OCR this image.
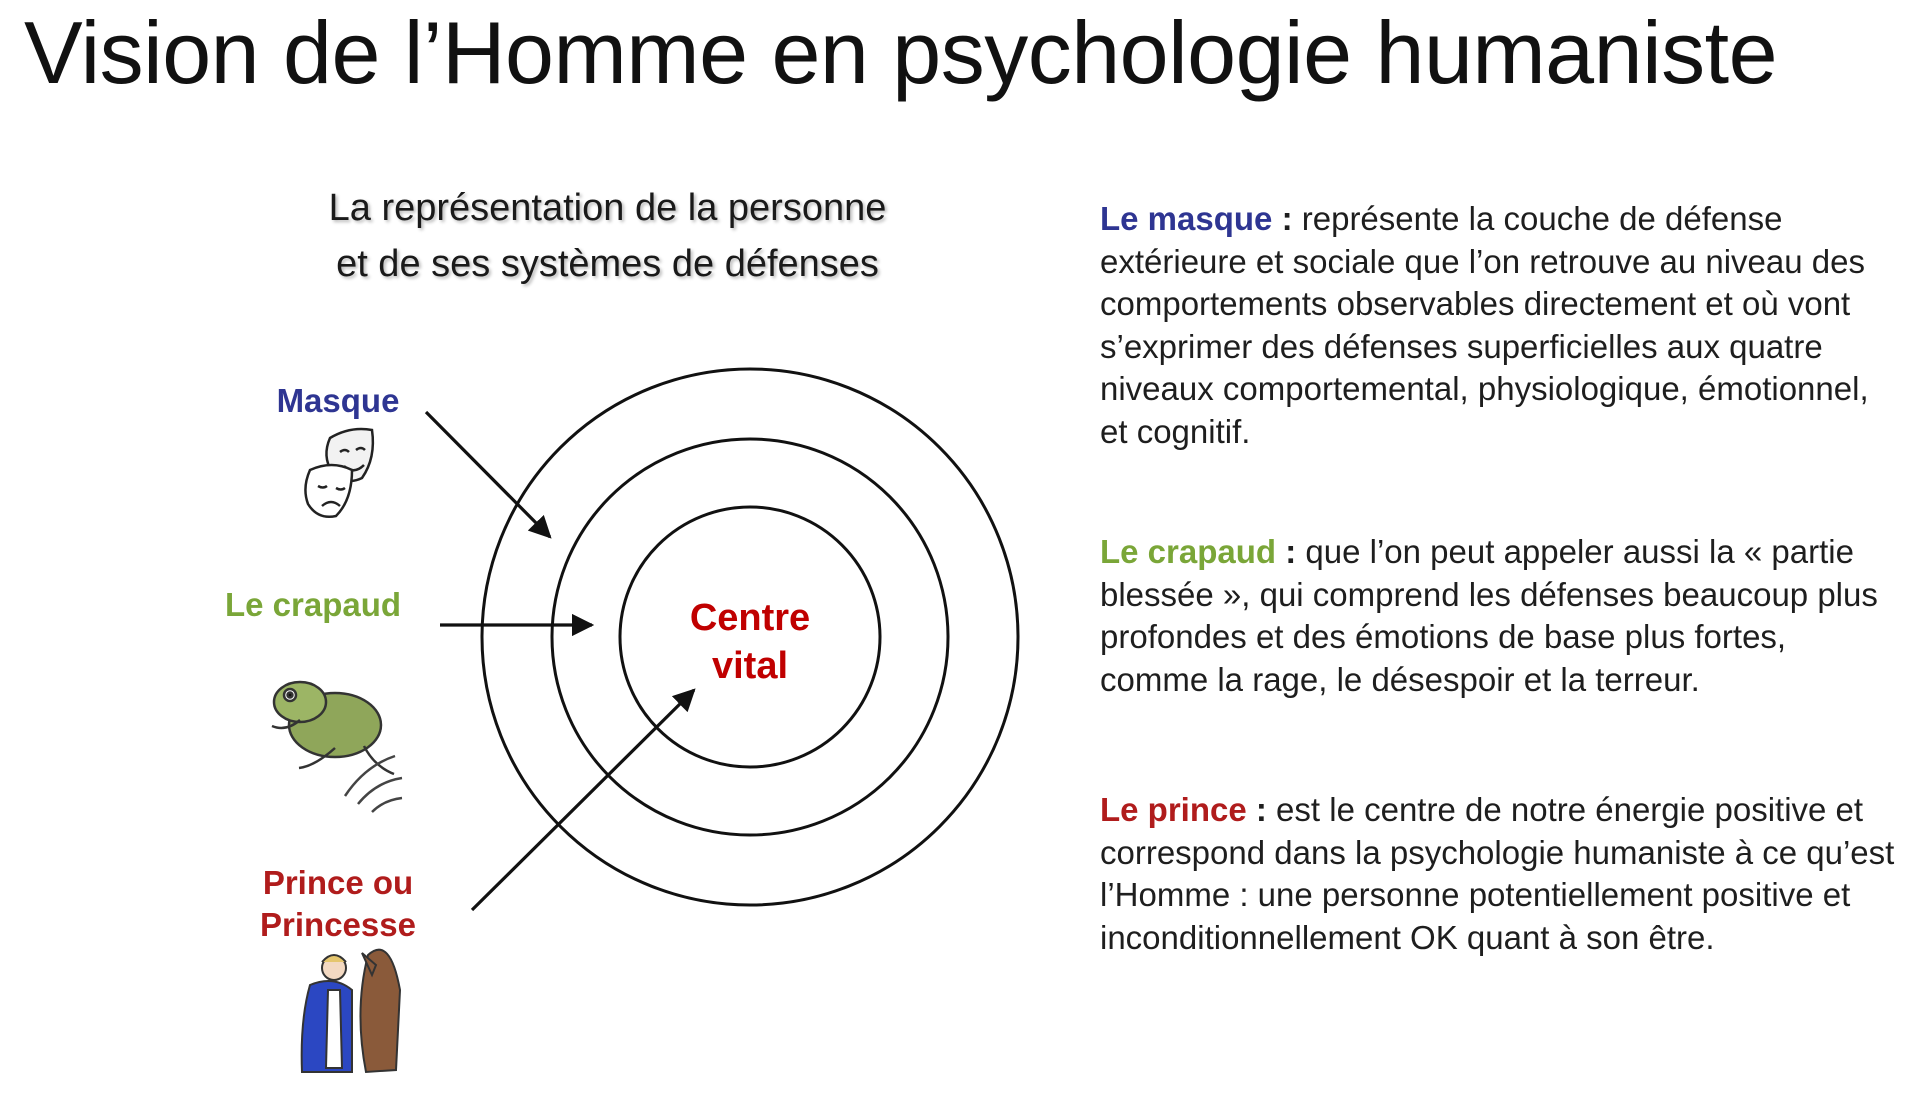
Vision de l’Homme en psychologie humaniste
La représentation de la personne
et de ses systèmes de défenses
Centre
vital
Masque
Le crapaud
Prince ou
Princesse

Le masque : représente la couche de défense extérieure et sociale que l’on retrouve au niveau des comportements observables directement et où vont s’exprimer des défenses superficielles aux quatre niveaux comportemental, physiologique, émotionnel, et cognitif.

Le crapaud : que l’on peut appeler aussi la « partie blessée », qui comprend les défenses beaucoup plus profondes et des émotions de base plus fortes, comme la rage, le désespoir et la terreur.

Le prince : est le centre de notre énergie positive et correspond dans la psychologie humaniste à ce qu’est l’Homme : une personne potentiellement positive et inconditionnellement OK quant à son être.
